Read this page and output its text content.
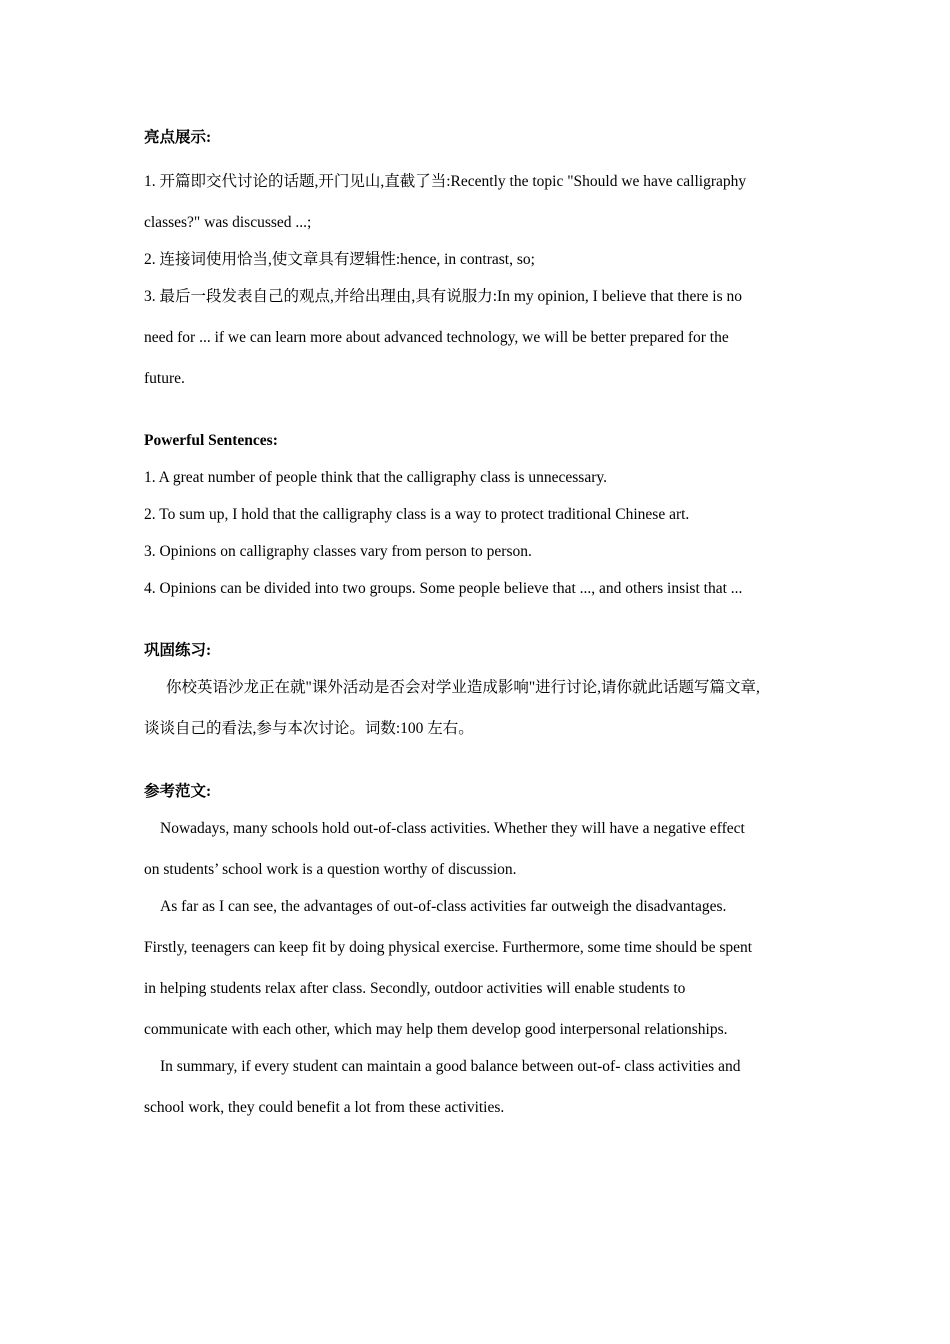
亮点展示:
1. 开篇即交代讨论的话题,开门见山,直截了当:Recently the topic "Should we have calligraphy
classes?" was discussed ...;
2. 连接词使用恰当,使文章具有逻辑性:hence, in contrast, so;
3. 最后一段发表自己的观点,并给出理由,具有说服力:In my opinion, I believe that there is no
need for ... if we can learn more about advanced technology, we will be better prepared for the
future.
Powerful Sentences:
1. A great number of people think that the calligraphy class is unnecessary.
2. To sum up, I hold that the calligraphy class is a way to protect traditional Chinese art.
3. Opinions on calligraphy classes vary from person to person.
4. Opinions can be divided into two groups. Some people believe that ..., and others insist that ...
巩固练习:
你校英语沙龙正在就"课外活动是否会对学业造成影响"进行讨论,请你就此话题写篇文章,
谈谈自己的看法,参与本次讨论。词数:100 左右。
参考范文:
Nowadays, many schools hold out-of-class activities. Whether they will have a negative effect
on students’ school work is a question worthy of discussion.
As far as I can see, the advantages of out-of-class activities far outweigh the disadvantages.
Firstly, teenagers can keep fit by doing physical exercise. Furthermore, some time should be spent
in helping students relax after class. Secondly, outdoor activities will enable students to
communicate with each other, which may help them develop good interpersonal relationships.
In summary, if every student can maintain a good balance between out-of- class activities and
school work, they could benefit a lot from these activities.
